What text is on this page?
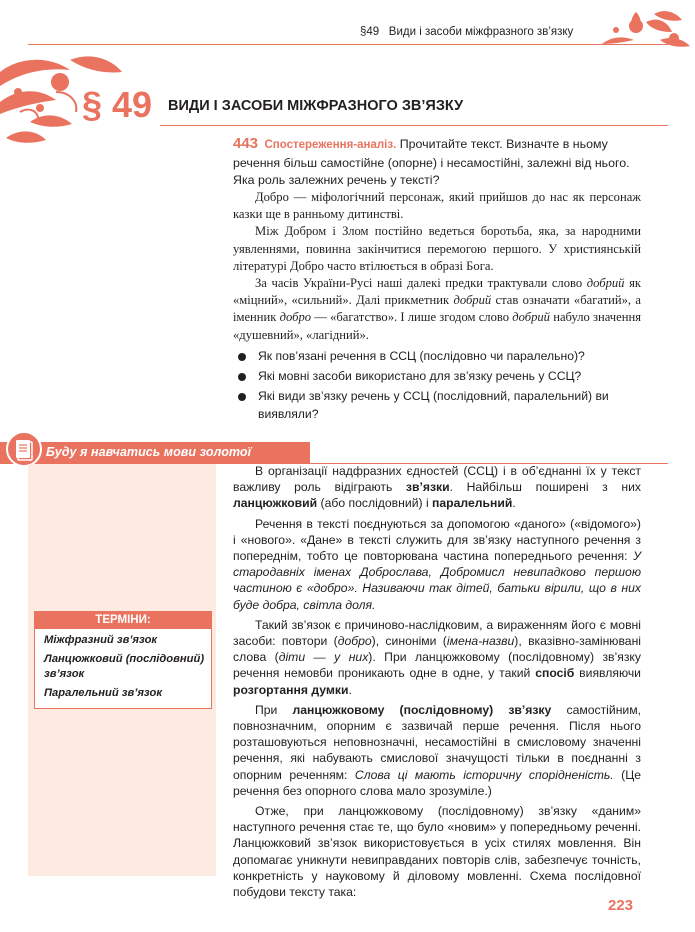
§49 Види і засоби міжфразного зв’язку
§ 49 ВИДИ І ЗАСОБИ МІЖФРАЗНОГО ЗВ’ЯЗКУ
443 Спостереження-аналіз. Прочитайте текст. Визначте в ньому речення більш самостійне (опорне) і несамостійні, залежні від нього. Яка роль залежних речень у тексті?

Добро — міфологічний персонаж, який прийшов до нас як персонаж казки ще в ранньому дитинстві.

Між Добром і Злом постійно ведеться боротьба, яка, за народними уявленнями, повинна закінчитися перемогою першого. У християнській літературі Добро часто втілюється в образі Бога.

За часів України-Русі наші далекі предки трактували слово добрий як «міцний», «сильний». Далі прикметник добрий став означати «багатий», а іменник добро — «багатство». І лише згодом слово добрий набуло значення «душевний», «лагідний».

Як пов’язані речення в ССЦ (послідовно чи паралельно)?
Які мовні засоби використано для зв’язку речень у ССЦ?
Які види зв’язку речень у ССЦ (послідовний, паралельний) ви виявляли?
Буду я навчатись мови золотої
ТЕРМІНИ:
Міжфразний зв’язок
Ланцюжковий (послідовний) зв’язок
Паралельний зв’язок

В організації надфразних єдностей (ССЦ) і в об’єднанні їх у текст важливу роль відіграють зв’язки. Найбільш поширені з них ланцюжковий (або послідовний) і паралельний.

Речення в тексті поєднуються за допомогою «даного» («відомого») і «нового». «Дане» в тексті служить для зв’язку наступного речення з попереднім, тобто це повторювана частина попереднього речення: У стародавніх іменах Доброслава, Добромисл невипадково першою частиною є «добро». Називаючи так дітей, батьки вірили, що в них буде добра, світла доля.

Такий зв’язок є причиново-наслідковим, а вираженням його є мовні засоби: повтори (добро), синоніми (імена-назви), вказівно-замінювані слова (діти — у них). При ланцюжковому (послідовному) зв’язку речення немовби проникають одне в одне, у такий спосіб виявляючи розгортання думки.

При ланцюжковому (послідовному) зв’язку самостійним, повнозначним, опорним є зазвичай перше речення. Після нього розташовуються неповнозначні, несамостійні в смисловому значенні речення, які набувають смислової значущості тільки в поєднанні з опорним реченням: Слова ці мають історичну спорідненість. (Це речення без опорного слова мало зрозуміле.)

Отже, при ланцюжковому (послідовному) зв’язку «даним» наступного речення стає те, що було «новим» у попередньому реченні. Ланцюжковий зв’язок використовується в усіх стилях мовлення. Він допомагає уникнути невиправданих повторів слів, забезпечує точність, конкретність у науковому й діловому мовленні. Схема послідовної побудови тексту така:

223
